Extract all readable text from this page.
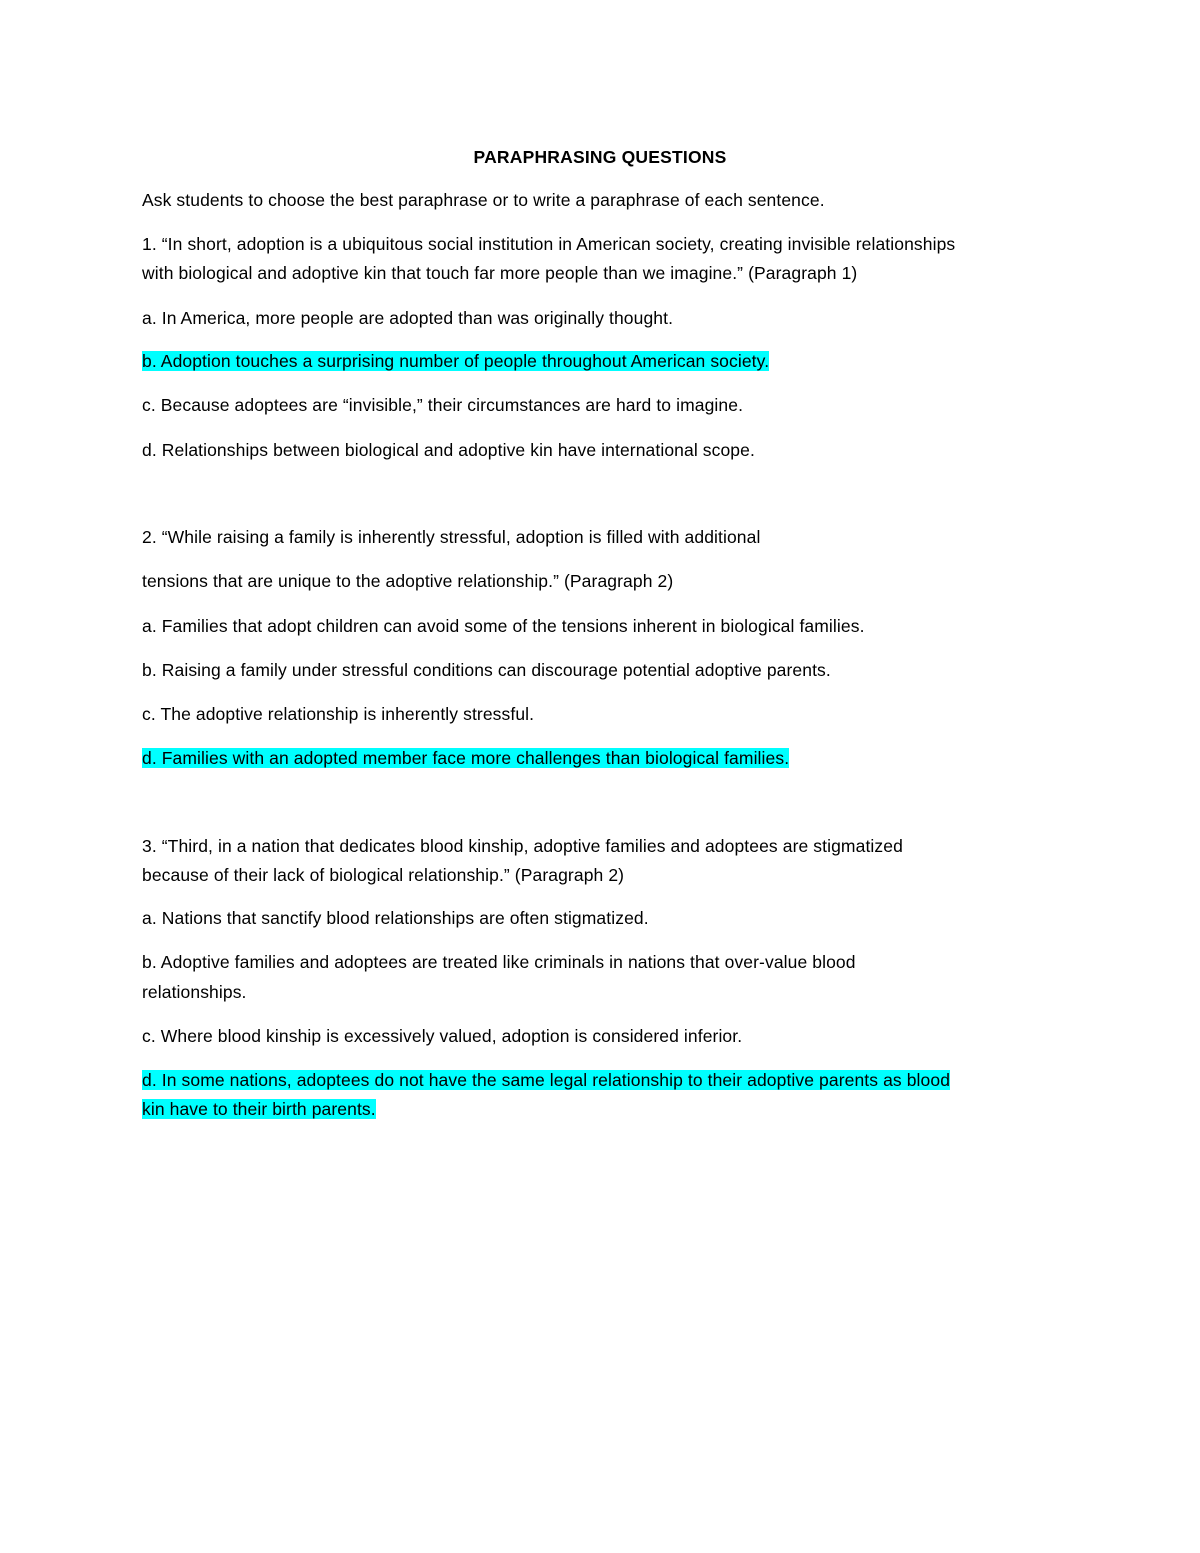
PARAPHRASING QUESTIONS
Ask students to choose the best paraphrase or to write a paraphrase of each sentence.
1. “In short, adoption is a ubiquitous social institution in American society, creating invisible relationships
with biological and adoptive kin that touch far more people than we imagine.” (Paragraph 1)
a. In America, more people are adopted than was originally thought.
b. Adoption touches a surprising number of people throughout American society.
c. Because adoptees are “invisible,” their circumstances are hard to imagine.
d. Relationships between biological and adoptive kin have international scope.
2. “While raising a family is inherently stressful, adoption is filled with additional
tensions that are unique to the adoptive relationship.” (Paragraph 2)
a. Families that adopt children can avoid some of the tensions inherent in biological families.
b. Raising a family under stressful conditions can discourage potential adoptive parents.
c. The adoptive relationship is inherently stressful.
d. Families with an adopted member face more challenges than biological families.
3. “Third, in a nation that dedicates blood kinship, adoptive families and adoptees are stigmatized
because of their lack of biological relationship.” (Paragraph 2)
a. Nations that sanctify blood relationships are often stigmatized.
b. Adoptive families and adoptees are treated like criminals in nations that over-value blood
relationships.
c. Where blood kinship is excessively valued, adoption is considered inferior.
d. In some nations, adoptees do not have the same legal relationship to their adoptive parents as blood
kin have to their birth parents.
